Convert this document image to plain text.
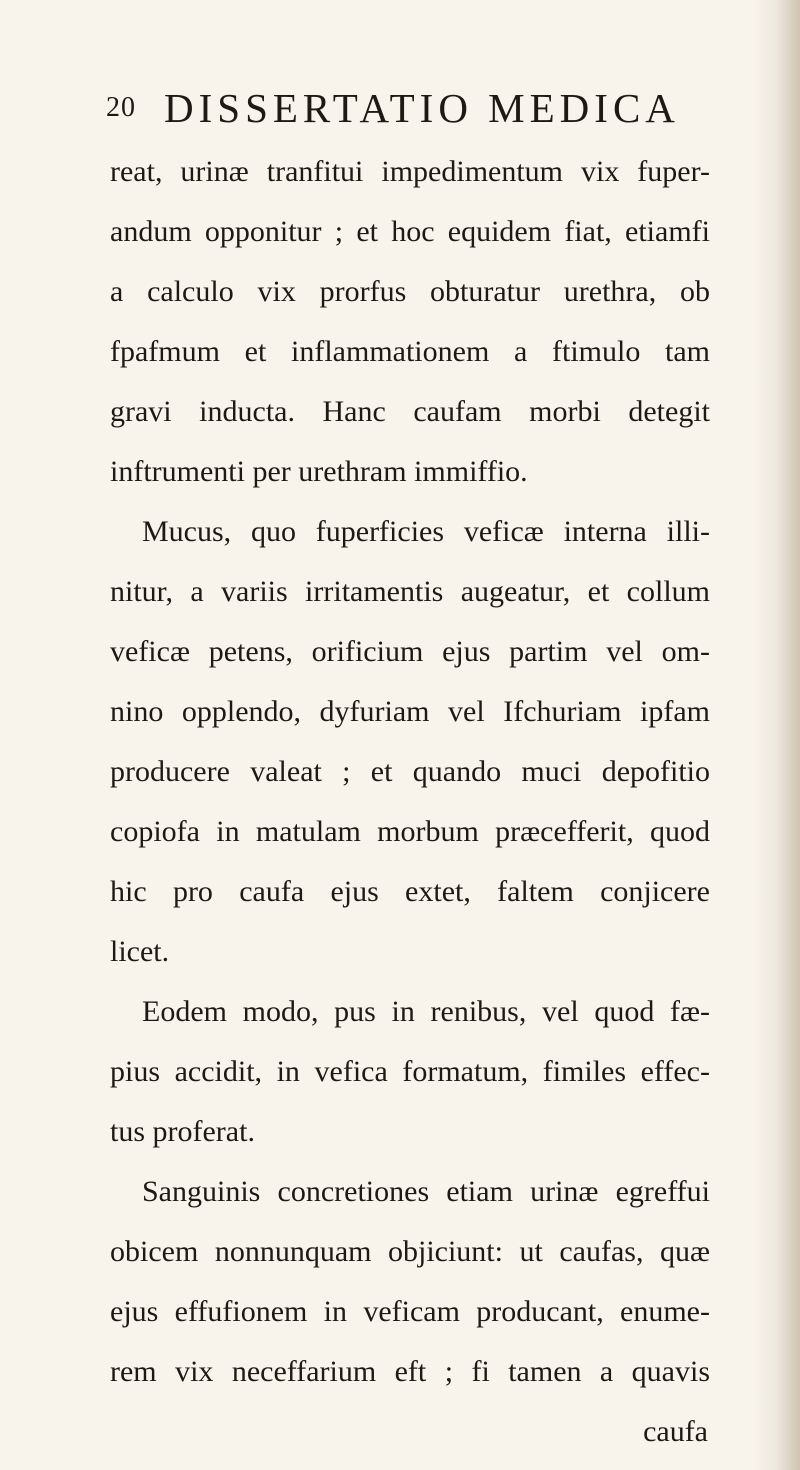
20 DISSERTATIO MEDICA
reat, urinæ tranfitui impedimentum vix fuper-
andum opponitur ; et hoc equidem fiat, etiamfi
a calculo vix prorfus obturatur urethra, ob
fpafmum et inflammationem a ftimulo tam
gravi inducta. Hanc caufam morbi detegit
inftrumenti per urethram immiffio.
Mucus, quo fuperficies veficæ interna illi-
nitur, a variis irritamentis augeatur, et collum
veficæ petens, orificium ejus partim vel om-
nino opplendo, dyfuriam vel Ifchuriam ipfam
producere valeat ; et quando muci depofitio
copiofa in matulam morbum præcefferit, quod
hic pro caufa ejus extet, faltem conjicere
licet.
Eodem modo, pus in renibus, vel quod fæ-
pius accidit, in vefica formatum, fimiles effec-
tus proferat.
Sanguinis concretiones etiam urinæ egreffui
obicem nonnunquam objiciunt: ut caufas, quæ
ejus effufionem in veficam producant, enume-
rem vix neceffarium eft ; fi tamen a quavis
caufa
